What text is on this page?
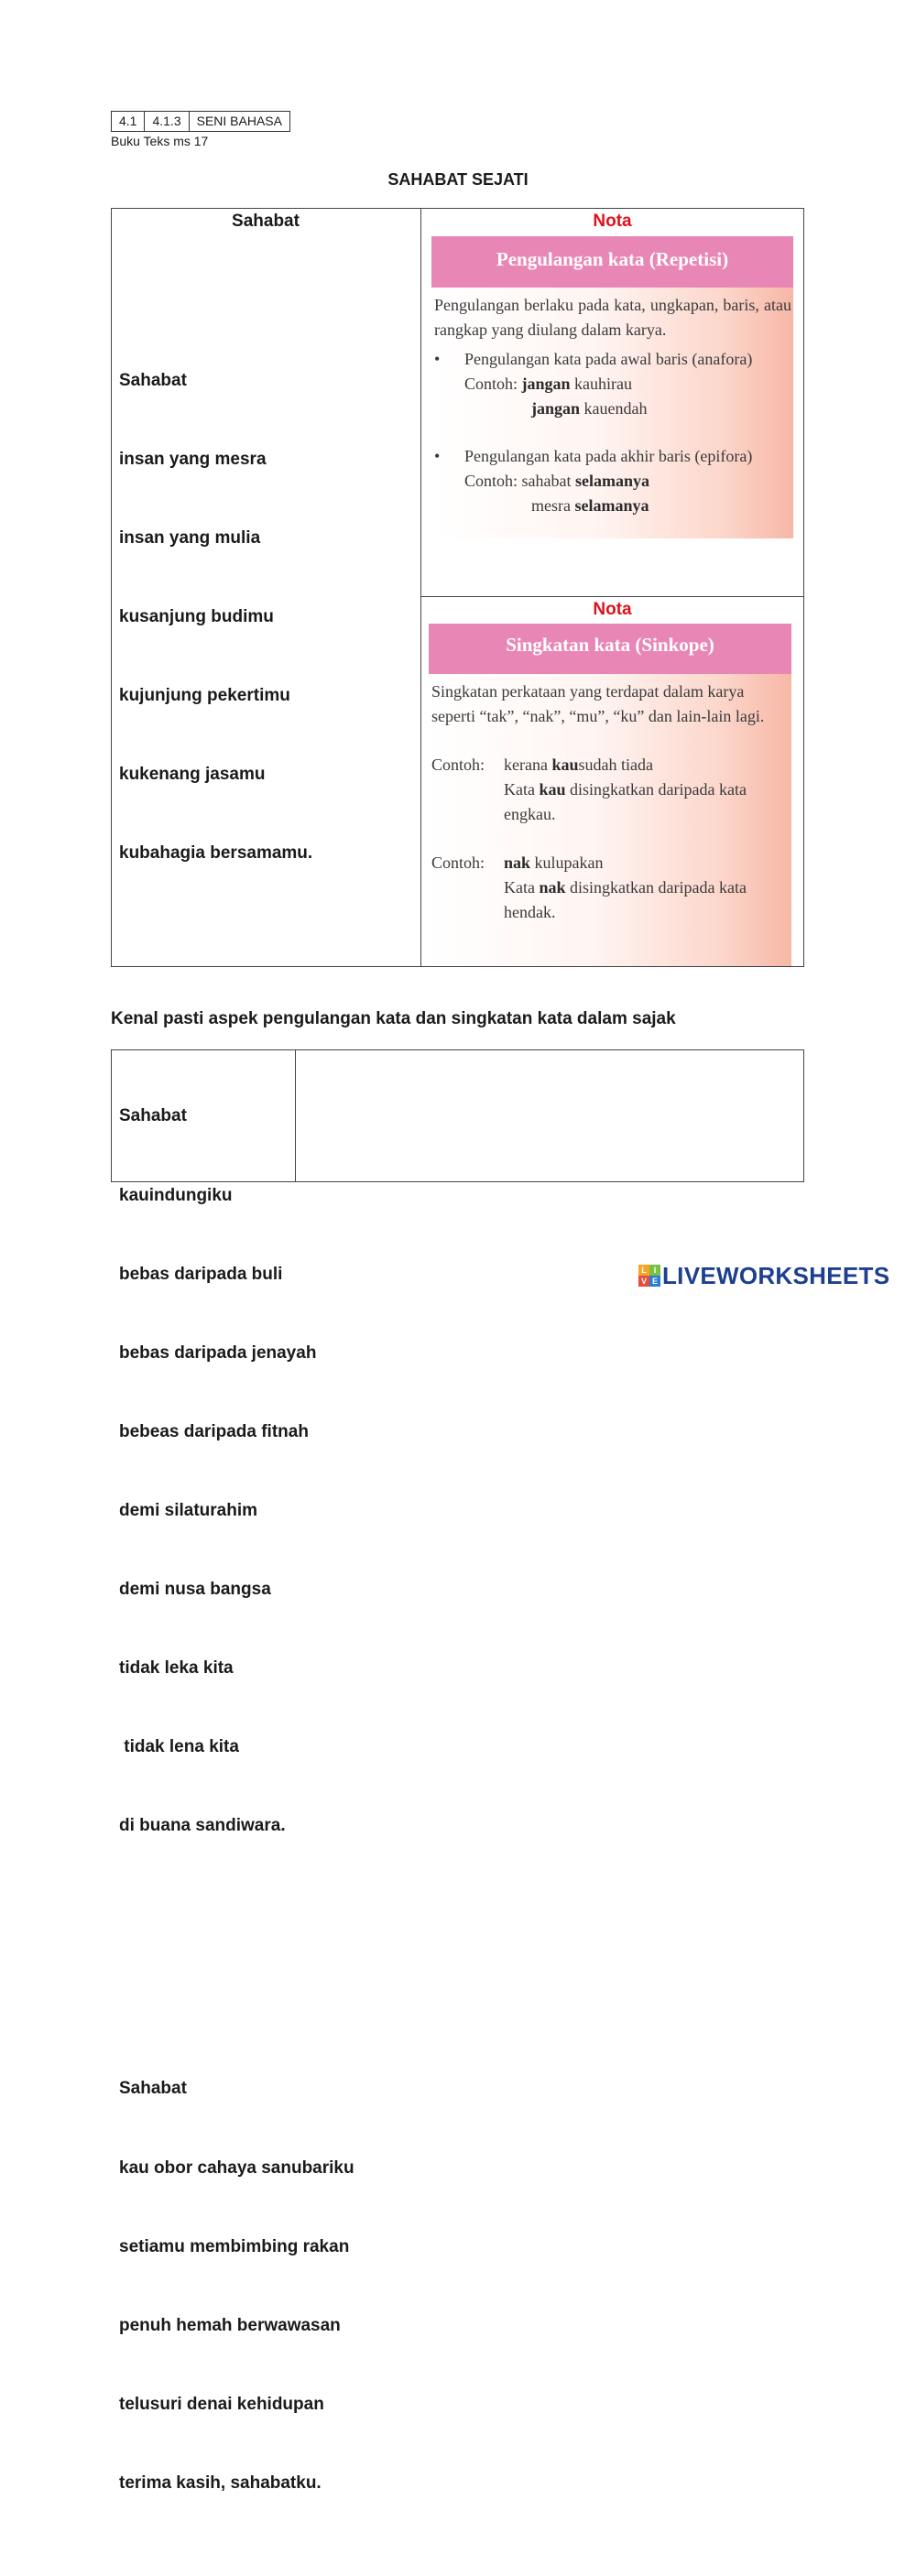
4.1	4.1.3	SENI BAHASA
Buku Teks ms 17
SAHABAT SEJATI
Sahabat

Sahabat

insan yang mesra

insan yang mulia

kusanjung budimu

kujunjung pekertimu

kukenang jasamu

kubahagia bersamamu.

Sahabat

kauindungiku

bebas daripada buli

bebas daripada jenayah

bebeas daripada fitnah

demi silaturahim

demi nusa bangsa

tidak leka kita

tidak lena kita

di buana sandiwara.

Sahabat

kau obor cahaya sanubariku

setiamu membimbing rakan

penuh hemah berwawasan

telusuri denai kehidupan

terima kasih, sahabatku.

Nota
Pengulangan kata (Repetisi)
Pengulangan berlaku pada kata, ungkapan, baris, atau rangkap yang diulang dalam karya.
•	Pengulangan kata pada awal baris (anafora)
Contoh: jangan kauhirau
jangan kauendah
•	Pengulangan kata pada akhir baris (epifora)
Contoh: sahabat selamanya
mesra selamanya
Nota
Singkatan kata (Sinkope)
Singkatan perkataan yang terdapat dalam karya seperti “tak”, “nak”, “mu”, “ku” dan lain-lain lagi.
Contoh:	kerana kausudah tiada
Kata kau disingkatkan daripada kata engkau.
Contoh:	nak kulupakan
Kata nak disingkatkan daripada kata hendak.
Kenal pasti aspek pengulangan kata dan singkatan kata dalam sajak
L I
V E LIVEWORKSHEETS
